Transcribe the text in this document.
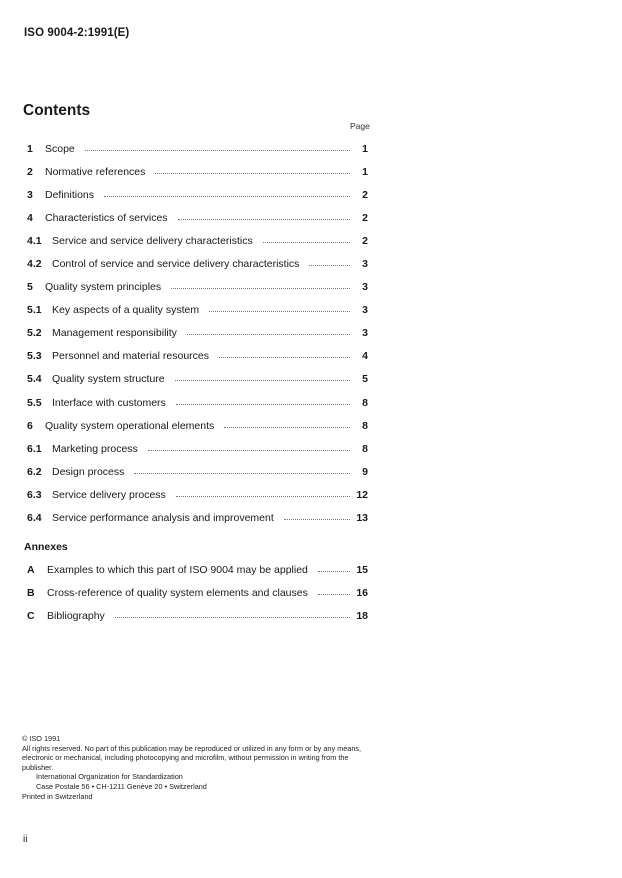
ISO 9004-2:1991(E)
Contents
Page
1 Scope	1
2 Normative references	1
3 Definitions	2
4 Characteristics of services	2
4.1 Service and service delivery characteristics	2
4.2 Control of service and service delivery characteristics	3
5 Quality system principles	3
5.1 Key aspects of a quality system	3
5.2 Management responsibility	3
5.3 Personnel and material resources	4
5.4 Quality system structure	5
5.5 Interface with customers	8
6 Quality system operational elements	8
6.1 Marketing process	8
6.2 Design process	9
6.3 Service delivery process	12
6.4 Service performance analysis and improvement	13
Annexes
A Examples to which this part of ISO 9004 may be applied	15
B Cross-reference of quality system elements and clauses	16
C Bibliography	18

© ISO 1991

All rights reserved. No part of this publication may be reproduced or utilized in any form or by any means, electronic or mechanical, including photocopying and microfilm, without permission in writing from the publisher.

International Organization for Standardization

Case Postale 56 • CH-1211 Genève 20 • Switzerland

Printed in Switzerland

ii
